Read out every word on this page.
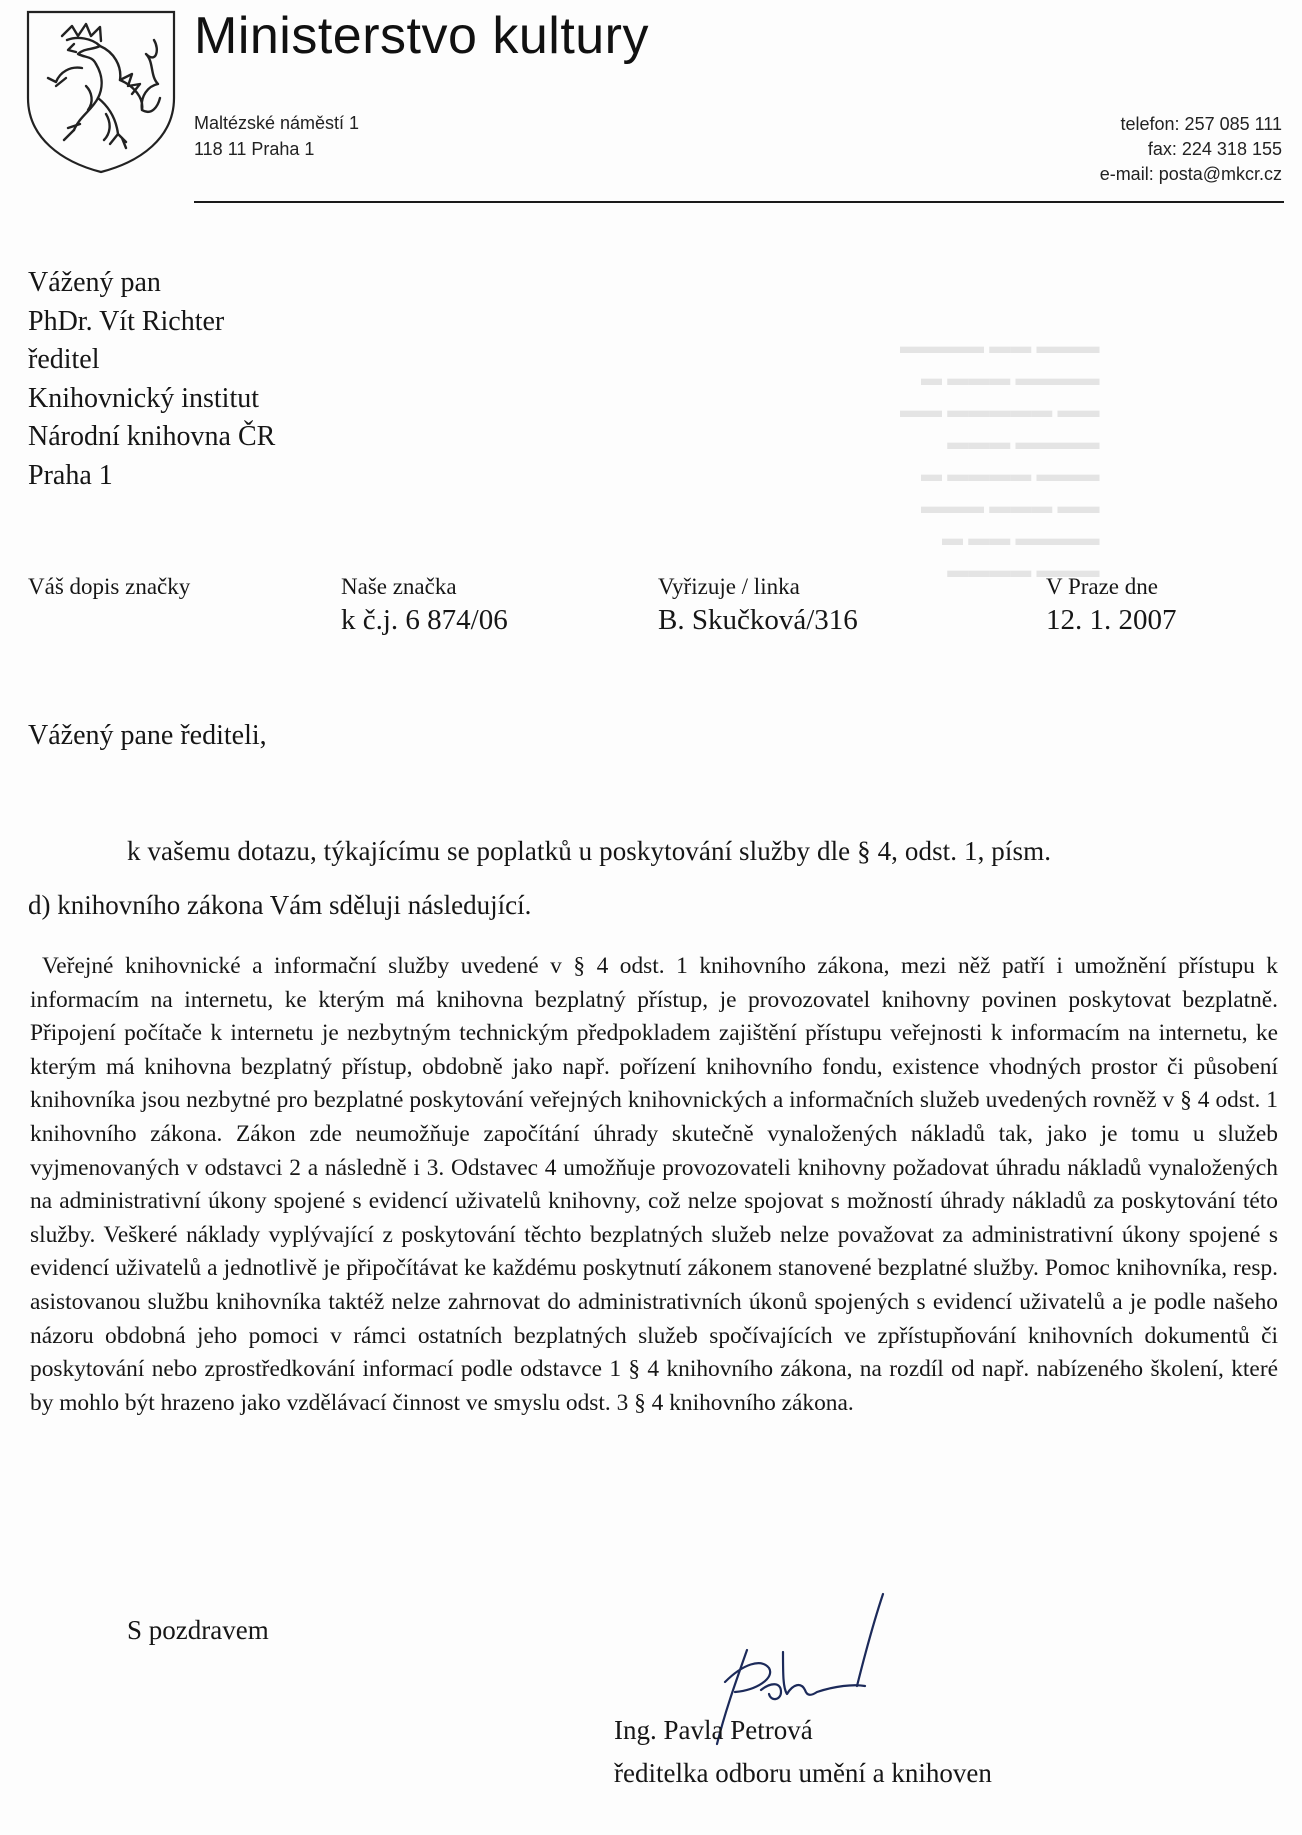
Ministerstvo kultury
Maltézské náměstí 1
118 11 Praha 1
telefon: 257 085 111
fax: 224 318 155
e-mail: posta@mkcr.cz
▬▬▬ ▬▬ ▬▬▬▬
▬▬▬▬ ▬▬▬ ▬
▬▬ ▬▬▬▬▬ ▬▬
▬▬▬▬ ▬▬▬
▬▬▬ ▬▬▬▬ ▬
▬▬ ▬▬▬ ▬▬▬
▬▬▬▬ ▬▬ ▬
▬▬▬ ▬▬▬▬
Vážený pan
PhDr. Vít Richter
ředitel
Knihovnický institut
Národní knihovna ČR
Praha 1
Váš dopis značky	Naše značka
k č.j. 6 874/06
Vyřizuje / linka
B. Skučková/316
V Praze dne
12. 1. 2007
Vážený pane řediteli,
k vašemu dotazu, týkajícímu se poplatků u poskytování služby dle § 4, odst. 1, písm.
d) knihovního zákona Vám sděluji následující.

Veřejné knihovnické a informační služby uvedené v § 4 odst. 1 knihovního zákona, mezi něž patří i umožnění přístupu k informacím na internetu, ke kterým má knihovna bezplatný přístup, je provozovatel knihovny povinen poskytovat bezplatně. Připojení počítače k internetu je nezbytným technickým předpokladem zajištění přístupu veřejnosti k informacím na internetu, ke kterým má knihovna bezplatný přístup, obdobně jako např. pořízení knihovního fondu, existence vhodných prostor či působení knihovníka jsou nezbytné pro bezplatné poskytování veřejných knihovnických a informačních služeb uvedených rovněž v § 4 odst. 1 knihovního zákona. Zákon zde neumožňuje započítání úhrady skutečně vynaložených nákladů tak, jako je tomu u služeb vyjmenovaných v odstavci 2 a následně i 3. Odstavec 4 umožňuje provozovateli knihovny požadovat úhradu nákladů vynaložených na administrativní úkony spojené s evidencí uživatelů knihovny, což nelze spojovat s možností úhrady nákladů za poskytování této služby. Veškeré náklady vyplývající z poskytování těchto bezplatných služeb nelze považovat za administrativní úkony spojené s evidencí uživatelů a jednotlivě je připočítávat ke každému poskytnutí zákonem stanovené bezplatné služby. Pomoc knihovníka, resp. asistovanou službu knihovníka taktéž nelze zahrnovat do administrativních úkonů spojených s evidencí uživatelů a je podle našeho názoru obdobná jeho pomoci v rámci ostatních bezplatných služeb spočívajících ve zpřístupňování knihovních dokumentů či poskytování nebo zprostředkování informací podle odstavce 1 § 4 knihovního zákona, na rozdíl od např. nabízeného školení, které by mohlo být hrazeno jako vzdělávací činnost ve smyslu odst. 3 § 4 knihovního zákona.

S pozdravem
Ing. Pavla Petrová
ředitelka odboru umění a knihoven
